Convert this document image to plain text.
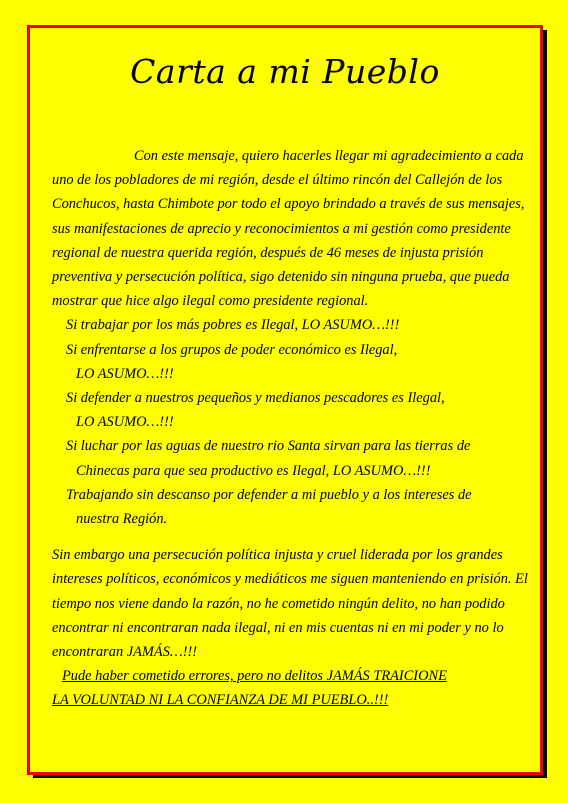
Carta a mi Pueblo

Con este mensaje, quiero hacerles llegar mi agradecimiento a cada uno de los pobladores de mi región, desde el último rincón del Callejón de los Conchucos, hasta Chimbote por todo el apoyo brindado a través de sus mensajes, sus manifestaciones de aprecio y reconocimientos a mi gestión como presidente regional de nuestra querida región, después de 46 meses de injusta prisión preventiva y persecución política, sigo detenido sin ninguna prueba, que pueda mostrar que hice algo ilegal como presidente regional.

Si trabajar por los más pobres es Ilegal, LO ASUMO…!!!

Si enfrentarse a los grupos de poder económico es Ilegal,
LO ASUMO…!!!

Si defender a nuestros pequeños y medianos pescadores es Ilegal,
LO ASUMO…!!!

Si luchar por las aguas de nuestro rio Santa sirvan para las tierras de
Chinecas para que sea productivo es Ilegal, LO ASUMO…!!!

Trabajando sin descanso por defender a mi pueblo y a los intereses de
nuestra Región.

Sin embargo una persecución política injusta y cruel liderada por los grandes intereses políticos, económicos y mediáticos me siguen manteniendo en prisión. El tiempo nos viene dando la razón, no he cometido ningún delito, no han podido encontrar ni encontraran nada ilegal, ni en mis cuentas ni en mi poder y no lo encontraran JAMÁS…!!!

Pude haber cometido errores, pero no delitos JAMÁS TRAICIONE
LA VOLUNTAD NI LA CONFIANZA DE MI PUEBLO..!!!
